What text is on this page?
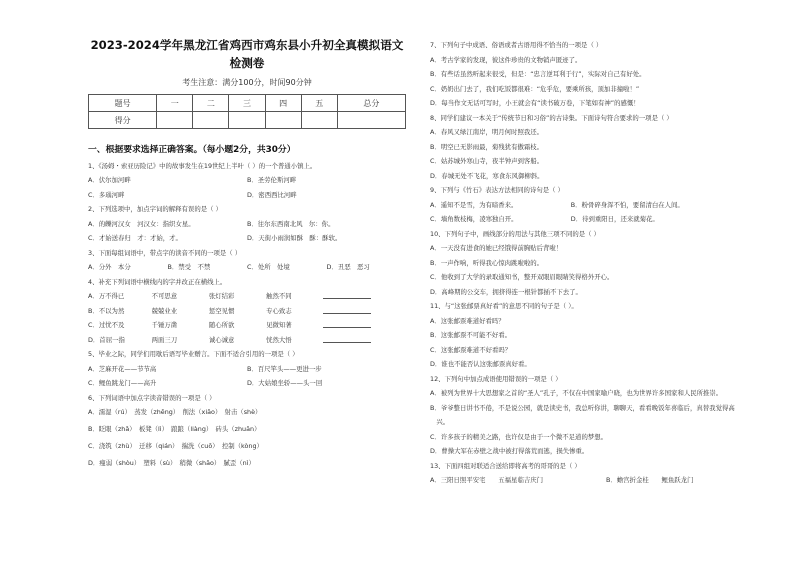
2023-2024学年黑龙江省鸡西市鸡东县小升初全真模拟语文
检测卷
考生注意：满分100分，时间90分钟
题号	一	二	三	四	五	总分
得分						
一、根据要求选择正确答案。（每小题2分，共30分）
1、《汤姆・索亚历险记》中的故事发生在19世纪上半叶（ ）的一个普通小镇上。
A．伏尔加河畔	B．圣劳伦斯河畔
C．多瑙河畔	D．密西西比河畔
2、下列选项中，加点字词的解释有误的是（ ）
A．的皪河汉女　河汉女：指织女星。	B．往尔东西南北风　尔：你。
C．才始送春归　才：才始，才。	D．天街小雨润如酥　酥：酥软。
3、下面每组词语中，带点字的读音不同的一项是（ ）
A．分外　本分	B．禁受　不禁	C．处所　处境	D．丑恶　恶习
4、补充下列词语中横线内的字并改正在横线上。
A．万不得已	不可思意	张灯结彩	触然不同
B．不以为然	兢兢业业	惩空见惯	专心致志
C．过忧不及	千锤万凿	随心所欲	见微知著
D．首屈一指	两面三刀	诚心诚意	恍然大悟
5、毕业之际，同学们用歇后语写毕业赠言。下面不适合引用的一项是（ ）
A．芝麻开花——节节高	B．百尺竿头——更进一步
C．鲤鱼跳龙门——高升	D．大姑娘坐轿——头一回
6、下列词语中加点字读音错误的一项是（ ）
A．濡湿（rú）　蒸发（zhēng）　削法（xiāo）　射击（shè）
B．眨眼（zhǎ）　板凳（lì）　踉踉（liàng）　砖头（zhuān）
C．浇筑（zhù）　迁移（qián）　揣洗（cuō）　控制（kòng）
D．瘦弱（shòu）　塑料（sù）　稍微（shāo）　腻歪（nì）
7、下列句子中成语、俗语或者古语用得不恰当的一项是（ ）
A．考古学家的发现，彼这件珍贵的文物销声匿迹了。
B．有些话虽然听起来很受，但是：“忠言逆耳利于行”，实际对自己有好处。
C．奶奶出门去了，我们吃饭都很难：“危乎危，要乘所孩，顶加非撞啦！”
D．每当作文无话可写时，小王就会有“读书破万卷，下笔如有神”的感慨！
8、同学们建议一本关于“传统节日和习俗”的古诗集。下面诗句符合要求的一项是（ ）
A．春风又绿江南岸，明月何时照我还。
B．明空已无影雨最，菊残犹有傲霜枝。
C．姑苏城外寒山寺，夜半钟声到客船。
D．春城无处不飞花，寒食东风御柳斜。
9、下列与《竹石》表达方法相同的诗句是（ ）
A．遥知不是雪，为有暗香来。	B．粉骨碎身浑不怕，要留清白在人间。
C．墙角数枝梅，凌寒独自开。	D．待到重阳日，还来就菊花。
10、下列句子中，画线部分的用法与其他三项不同的是（ ）
A．一天没有进食的她已经饿得前胸贴后背啦！
B．一声作响，听得我心惊肉跳啦啦的。
C．他收到了大学的录取通知书，整开双眼眉眼睛笑得格外开心。
D．高峰期的公交车，拥挤得连一根针都插不下去了。
11、与“这张邮票真好看”的意思不同的句子是（ ）。
A．这张邮票难道好看吗？
B．这张邮票不可能不好看。
C．这张邮票难道不好看吗？
D．谁也不能否认这张邮票真好看。
12、下列句中加点成语使用错误的一项是（ ）
A．被列为世界十大思想家之首的“圣人”孔子，不仅在中国家喻户晓，也为世界许多国家和人民所推崇。
B．爷爷整日讲书不倦，不是说公园，就是读史书，我总听你讲，聊聊天，看看晚饭年喜临后，真替我觉得高
　兴。
C．许多孩子的精美之路，也许仅是由于一个微不足道的梦想。
D．曹操大军在赤壁之战中被打得落荒而逃，损失惨重。
13、下面四组对联适合送给即将高考的哥哥的是（ ）
A．三阳日照平安宅　　五福星临吉庆门	B．蟾宫折金桂　　鲤鱼跃龙门
